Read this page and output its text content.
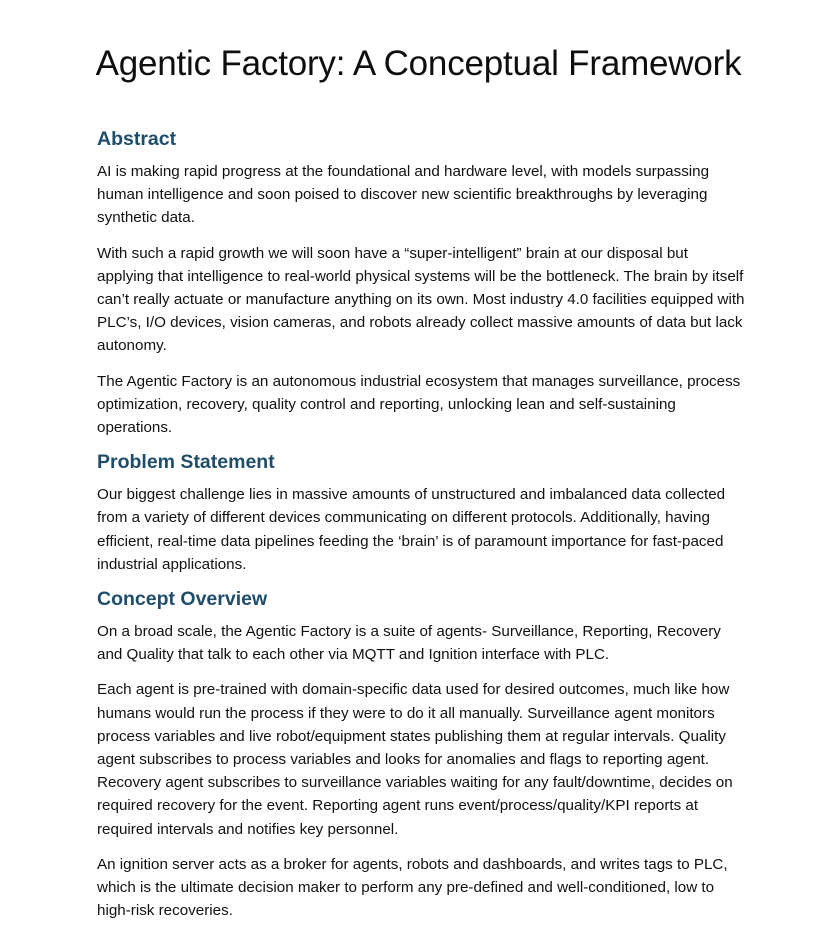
Agentic Factory: A Conceptual Framework
Abstract

AI is making rapid progress at the foundational and hardware level, with models surpassing human intelligence and soon poised to discover new scientific breakthroughs by leveraging synthetic data.

With such a rapid growth we will soon have a “super-intelligent” brain at our disposal but applying that intelligence to real-world physical systems will be the bottleneck. The brain by itself can’t really actuate or manufacture anything on its own. Most industry 4.0 facilities equipped with PLC’s, I/O devices, vision cameras, and robots already collect massive amounts of data but lack autonomy.

The Agentic Factory is an autonomous industrial ecosystem that manages surveillance, process optimization, recovery, quality control and reporting, unlocking lean and self-sustaining operations.

Problem Statement

Our biggest challenge lies in massive amounts of unstructured and imbalanced data collected from a variety of different devices communicating on different protocols. Additionally, having efficient, real-time data pipelines feeding the ‘brain’ is of paramount importance for fast-paced industrial applications.

Concept Overview

On a broad scale, the Agentic Factory is a suite of agents- Surveillance, Reporting, Recovery and Quality that talk to each other via MQTT and Ignition interface with PLC.

Each agent is pre-trained with domain-specific data used for desired outcomes, much like how humans would run the process if they were to do it all manually. Surveillance agent monitors process variables and live robot/equipment states publishing them at regular intervals. Quality agent subscribes to process variables and looks for anomalies and flags to reporting agent. Recovery agent subscribes to surveillance variables waiting for any fault/downtime, decides on required recovery for the event. Reporting agent runs event/process/quality/KPI reports at required intervals and notifies key personnel.

An ignition server acts as a broker for agents, robots and dashboards, and writes tags to PLC, which is the ultimate decision maker to perform any pre-defined and well-conditioned, low to high-risk recoveries.
